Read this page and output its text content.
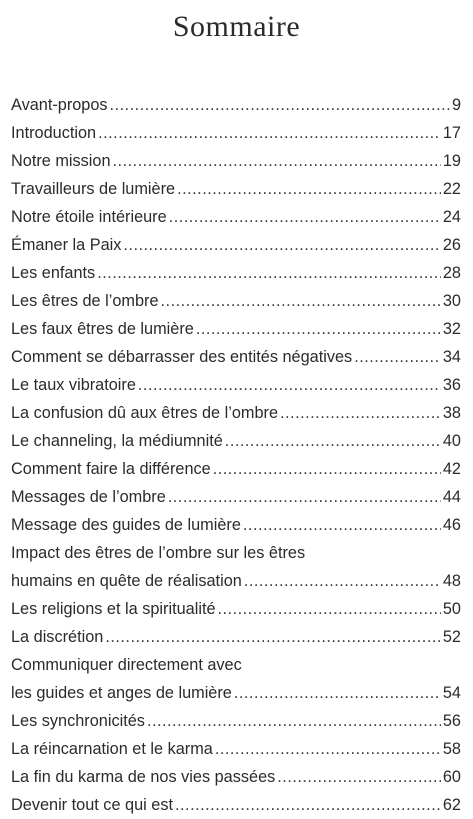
Sommaire
Avant-propos .....	9
Introduction .....	17
Notre mission .....	19
Travailleurs de lumière .....	22
Notre étoile intérieure .....	24
Émaner la Paix .....	26
Les enfants .....	28
Les êtres de l’ombre .....	30
Les faux êtres de lumière .....	32
Comment se débarrasser des entités négatives .....	34
Le taux vibratoire .....	36
La confusion dû aux êtres de l’ombre .....	38
Le channeling, la médiumnité .....	40
Comment faire la différence .....	42
Messages de l’ombre .....	44
Message des guides de lumière .....	46
Impact des êtres de l’ombre sur les êtres
humains en quête de réalisation .....	48
Les religions et la spiritualité .....	50
La discrétion .....	52
Communiquer directement avec
les guides et anges de lumière .....	54
Les synchronicités .....	56
La réincarnation et le karma .....	58
La fin du karma de nos vies passées .....	60
Devenir tout ce qui est .....	62
